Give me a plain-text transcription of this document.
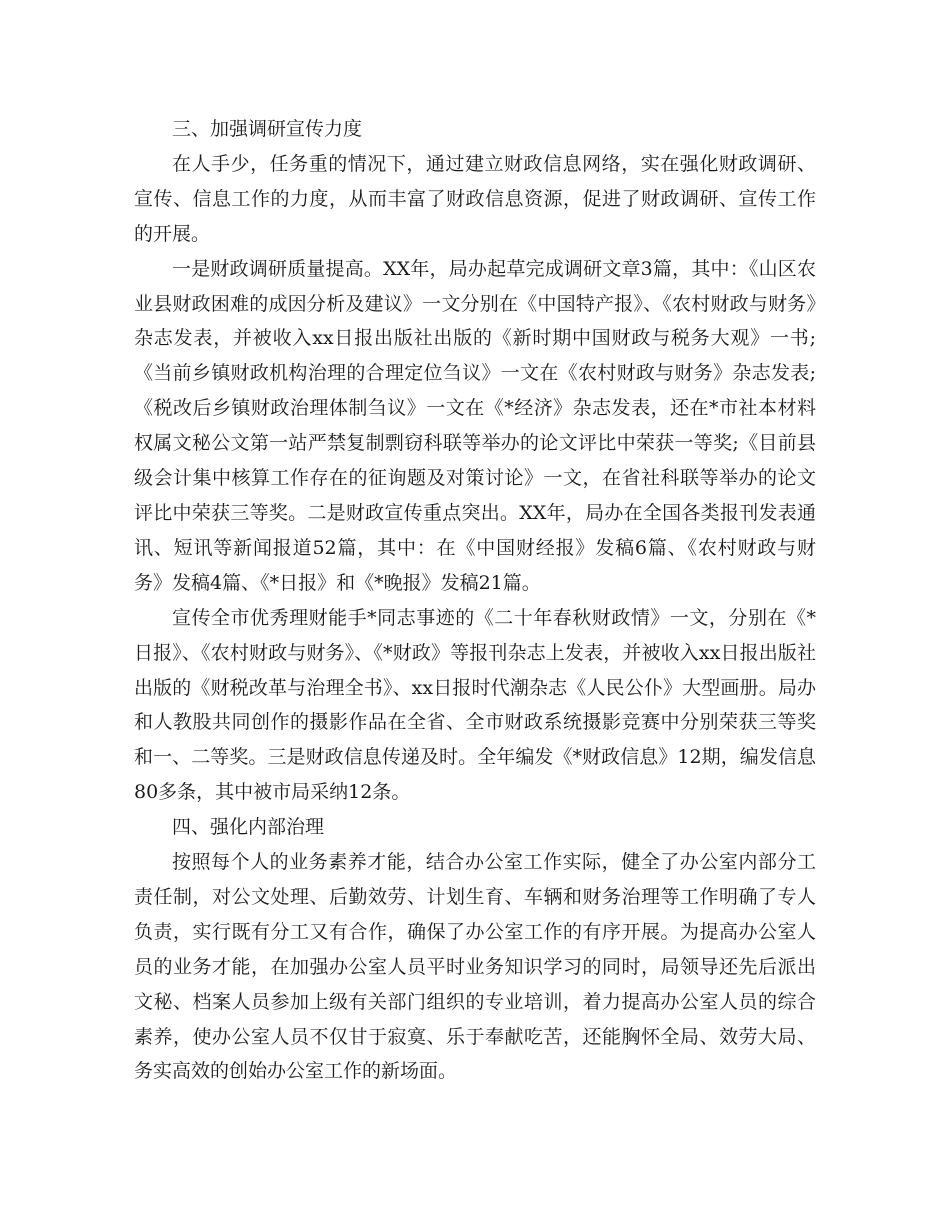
三、加强调研宣传力度

在人手少，任务重的情况下，通过建立财政信息网络，实在强化财政调研、宣传、信息工作的力度，从而丰富了财政信息资源，促进了财政调研、宣传工作的开展。

一是财政调研质量提高。XX年，局办起草完成调研文章3篇，其中：《山区农业县财政困难的成因分析及建议》一文分别在《中国特产报》、《农村财政与财务》杂志发表，并被收入xx日报出版社出版的《新时期中国财政与税务大观》一书;《当前乡镇财政机构治理的合理定位刍议》一文在《农村财政与财务》杂志发表;《税改后乡镇财政治理体制刍议》一文在《*经济》杂志发表，还在*市社本材料权属文秘公文第一站严禁复制剽窃科联等举办的论文评比中荣获一等奖;《目前县级会计集中核算工作存在的征询题及对策讨论》一文，在省社科联等举办的论文评比中荣获三等奖。二是财政宣传重点突出。XX年，局办在全国各类报刊发表通讯、短讯等新闻报道52篇，其中：在《中国财经报》发稿6篇、《农村财政与财务》发稿4篇、《*日报》和《*晚报》发稿21篇。

宣传全市优秀理财能手*同志事迹的《二十年春秋财政情》一文，分别在《*日报》、《农村财政与财务》、《*财政》等报刊杂志上发表，并被收入xx日报出版社出版的《财税改革与治理全书》、xx日报时代潮杂志《人民公仆》大型画册。局办和人教股共同创作的摄影作品在全省、全市财政系统摄影竞赛中分别荣获三等奖和一、二等奖。三是财政信息传递及时。全年编发《*财政信息》12期，编发信息80多条，其中被市局采纳12条。

四、强化内部治理

按照每个人的业务素养才能，结合办公室工作实际，健全了办公室内部分工责任制，对公文处理、后勤效劳、计划生育、车辆和财务治理等工作明确了专人负责，实行既有分工又有合作，确保了办公室工作的有序开展。为提高办公室人员的业务才能，在加强办公室人员平时业务知识学习的同时，局领导还先后派出文秘、档案人员参加上级有关部门组织的专业培训，着力提高办公室人员的综合素养，使办公室人员不仅甘于寂寞、乐于奉献吃苦，还能胸怀全局、效劳大局、务实高效的创始办公室工作的新场面。
